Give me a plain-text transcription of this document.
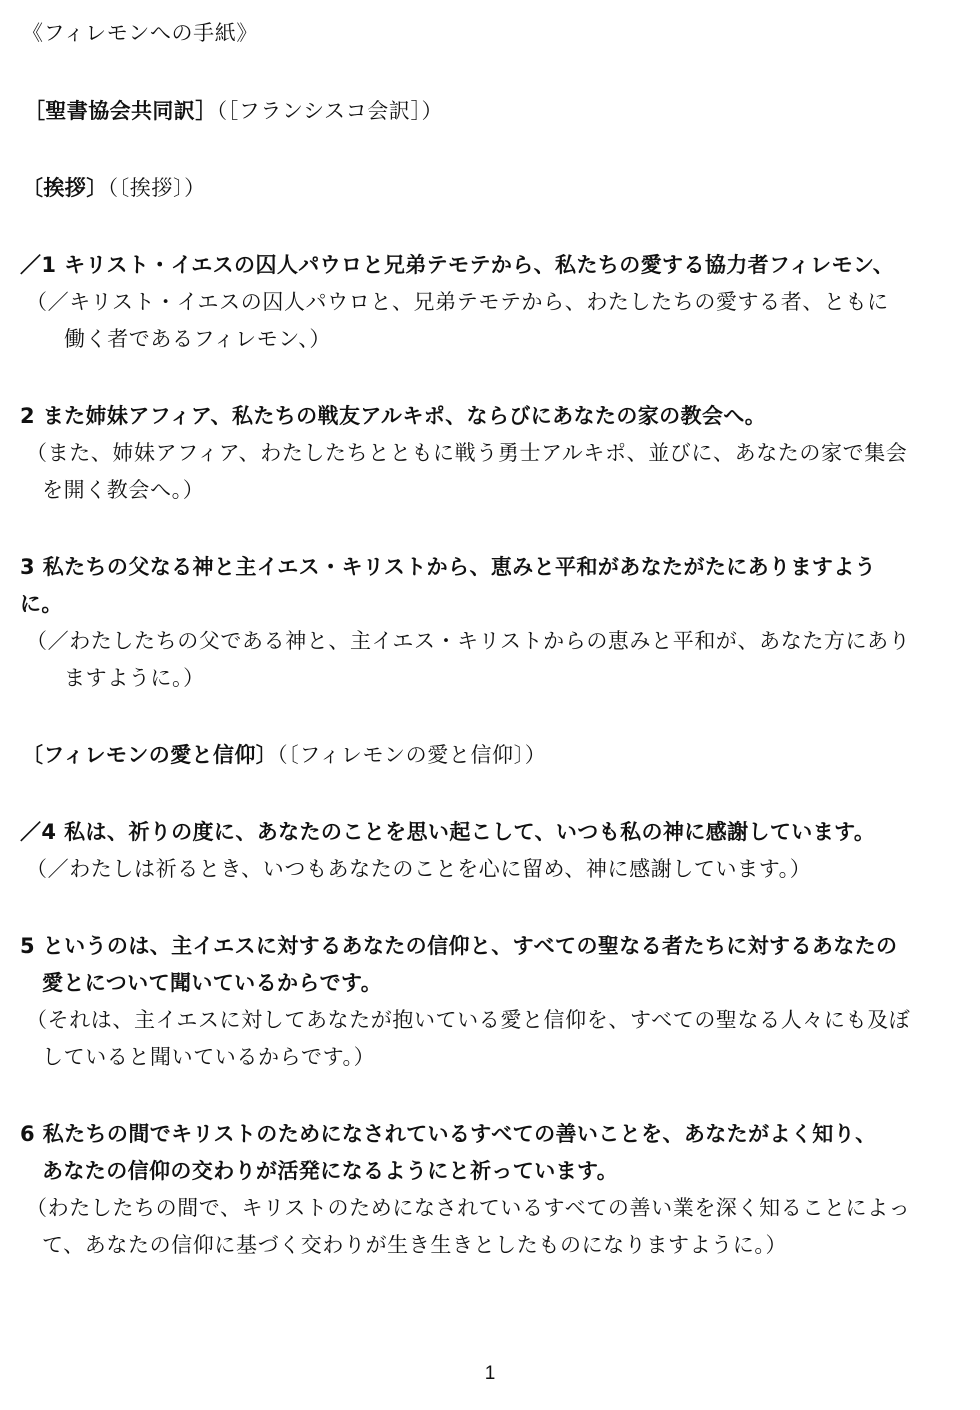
《フィレモンへの手紙》
［聖書協会共同訳］（［フランシスコ会訳］）
〔挨拶〕（〔挨拶〕）
／1 キリスト・イエスの囚人パウロと兄弟テモテから、私たちの愛する協力者フィレモン、
（／キリスト・イエスの囚人パウロと、兄弟テモテから、わたしたちの愛する者、ともに
働く者であるフィレモン、）
2 また姉妹アフィア、私たちの戦友アルキポ、ならびにあなたの家の教会へ。
（また、姉妹アフィア、わたしたちとともに戦う勇士アルキポ、並びに、あなたの家で集会
を開く教会へ。）
3 私たちの父なる神と主イエス・キリストから、恵みと平和があなたがたにありますよう
に。
（／わたしたちの父である神と、主イエス・キリストからの恵みと平和が、あなた方にあり
ますように。）
〔フィレモンの愛と信仰〕（〔フィレモンの愛と信仰〕）
／4 私は、祈りの度に、あなたのことを思い起こして、いつも私の神に感謝しています。
（／わたしは祈るとき、いつもあなたのことを心に留め、神に感謝しています。）
5 というのは、主イエスに対するあなたの信仰と、すべての聖なる者たちに対するあなたの
愛とについて聞いているからです。
（それは、主イエスに対してあなたが抱いている愛と信仰を、すべての聖なる人々にも及ぼ
していると聞いているからです。）
6 私たちの間でキリストのためになされているすべての善いことを、あなたがよく知り、
あなたの信仰の交わりが活発になるようにと祈っています。
（わたしたちの間で、キリストのためになされているすべての善い業を深く知ることによっ
て、あなたの信仰に基づく交わりが生き生きとしたものになりますように。）
1
